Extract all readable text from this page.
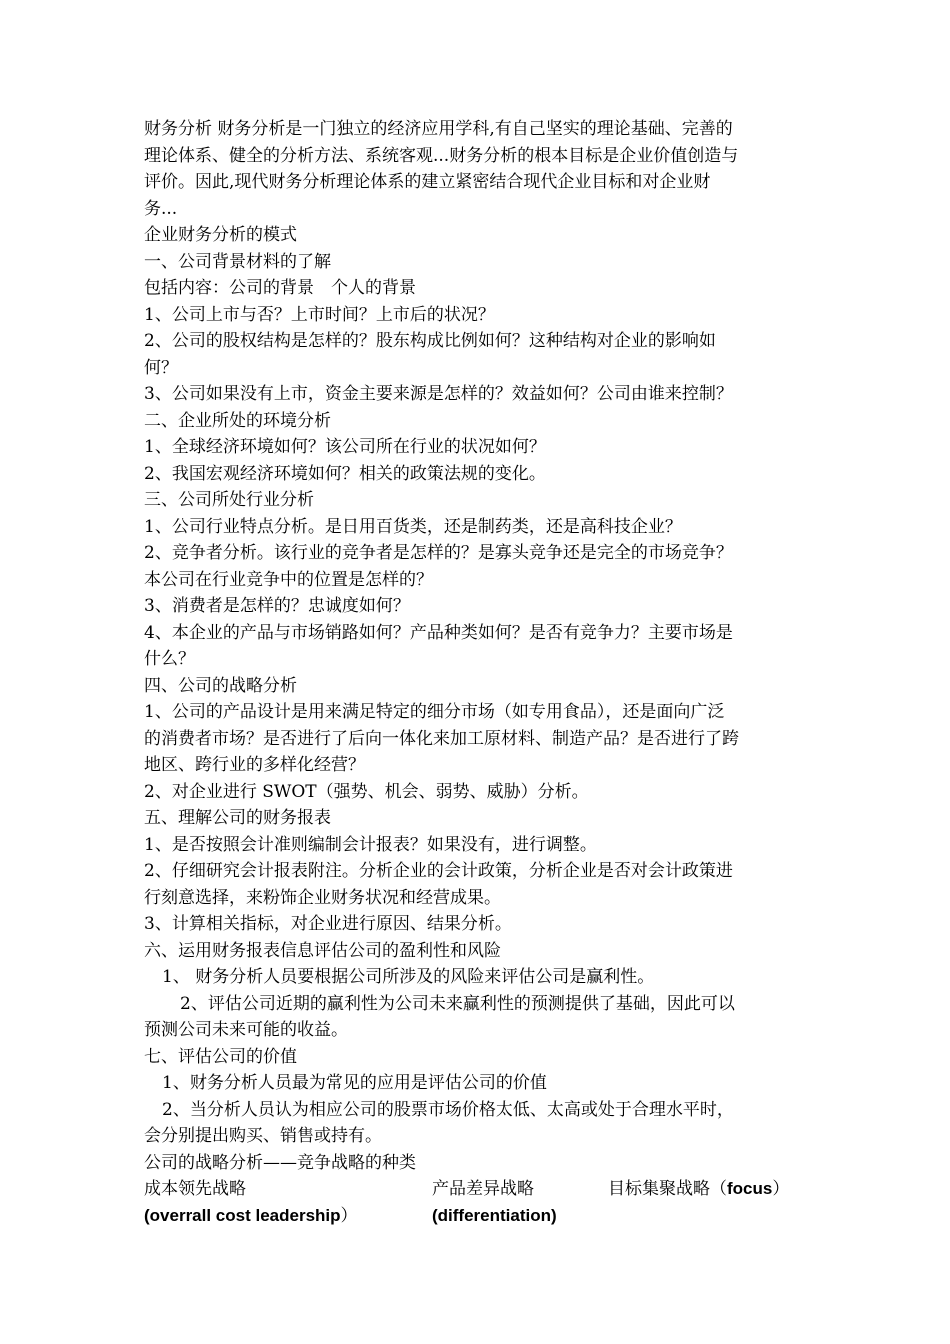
财务分析 财务分析是一门独立的经济应用学科,有自己坚实的理论基础、完善的

理论体系、健全的分析方法、系统客观...财务分析的根本目标是企业价值创造与

评价。因此,现代财务分析理论体系的建立紧密结合现代企业目标和对企业财

务...

企业财务分析的模式

一、公司背景材料的了解

包括内容：公司的背景　个人的背景

1、公司上市与否？上市时间？上市后的状况？

2、公司的股权结构是怎样的？股东构成比例如何？这种结构对企业的影响如

何？

3、公司如果没有上市，资金主要来源是怎样的？效益如何？公司由谁来控制？

二、企业所处的环境分析

1、全球经济环境如何？该公司所在行业的状况如何？

2、我国宏观经济环境如何？相关的政策法规的变化。

三、公司所处行业分析

1、公司行业特点分析。是日用百货类，还是制药类，还是高科技企业？

2、竞争者分析。该行业的竞争者是怎样的？是寡头竞争还是完全的市场竞争？

本公司在行业竞争中的位置是怎样的？

3、消费者是怎样的？忠诚度如何？

4、本企业的产品与市场销路如何？产品种类如何？是否有竞争力？主要市场是

什么？

四、公司的战略分析

1、公司的产品设计是用来满足特定的细分市场（如专用食品），还是面向广泛

的消费者市场？是否进行了后向一体化来加工原材料、制造产品？是否进行了跨

地区、跨行业的多样化经营？

2、对企业进行 SWOT（强势、机会、弱势、威胁）分析。

五、理解公司的财务报表

1、是否按照会计准则编制会计报表？如果没有，进行调整。

2、仔细研究会计报表附注。分析企业的会计政策，分析企业是否对会计政策进

行刻意选择，来粉饰企业财务状况和经营成果。

3、计算相关指标，对企业进行原因、结果分析。

六、运用财务报表信息评估公司的盈利性和风险

1、 财务分析人员要根据公司所涉及的风险来评估公司是赢利性。

2、评估公司近期的赢利性为公司未来赢利性的预测提供了基础，因此可以

预测公司未来可能的收益。

七、评估公司的价值

1、财务分析人员最为常见的应用是评估公司的价值

2、当分析人员认为相应公司的股票市场价格太低、太高或处于合理水平时，

会分别提出购买、销售或持有。

公司的战略分析——竞争战略的种类

成本领先战略	产品差异战略	目标集聚战略（focus）
(overrall cost leadership）	(differentiation)
